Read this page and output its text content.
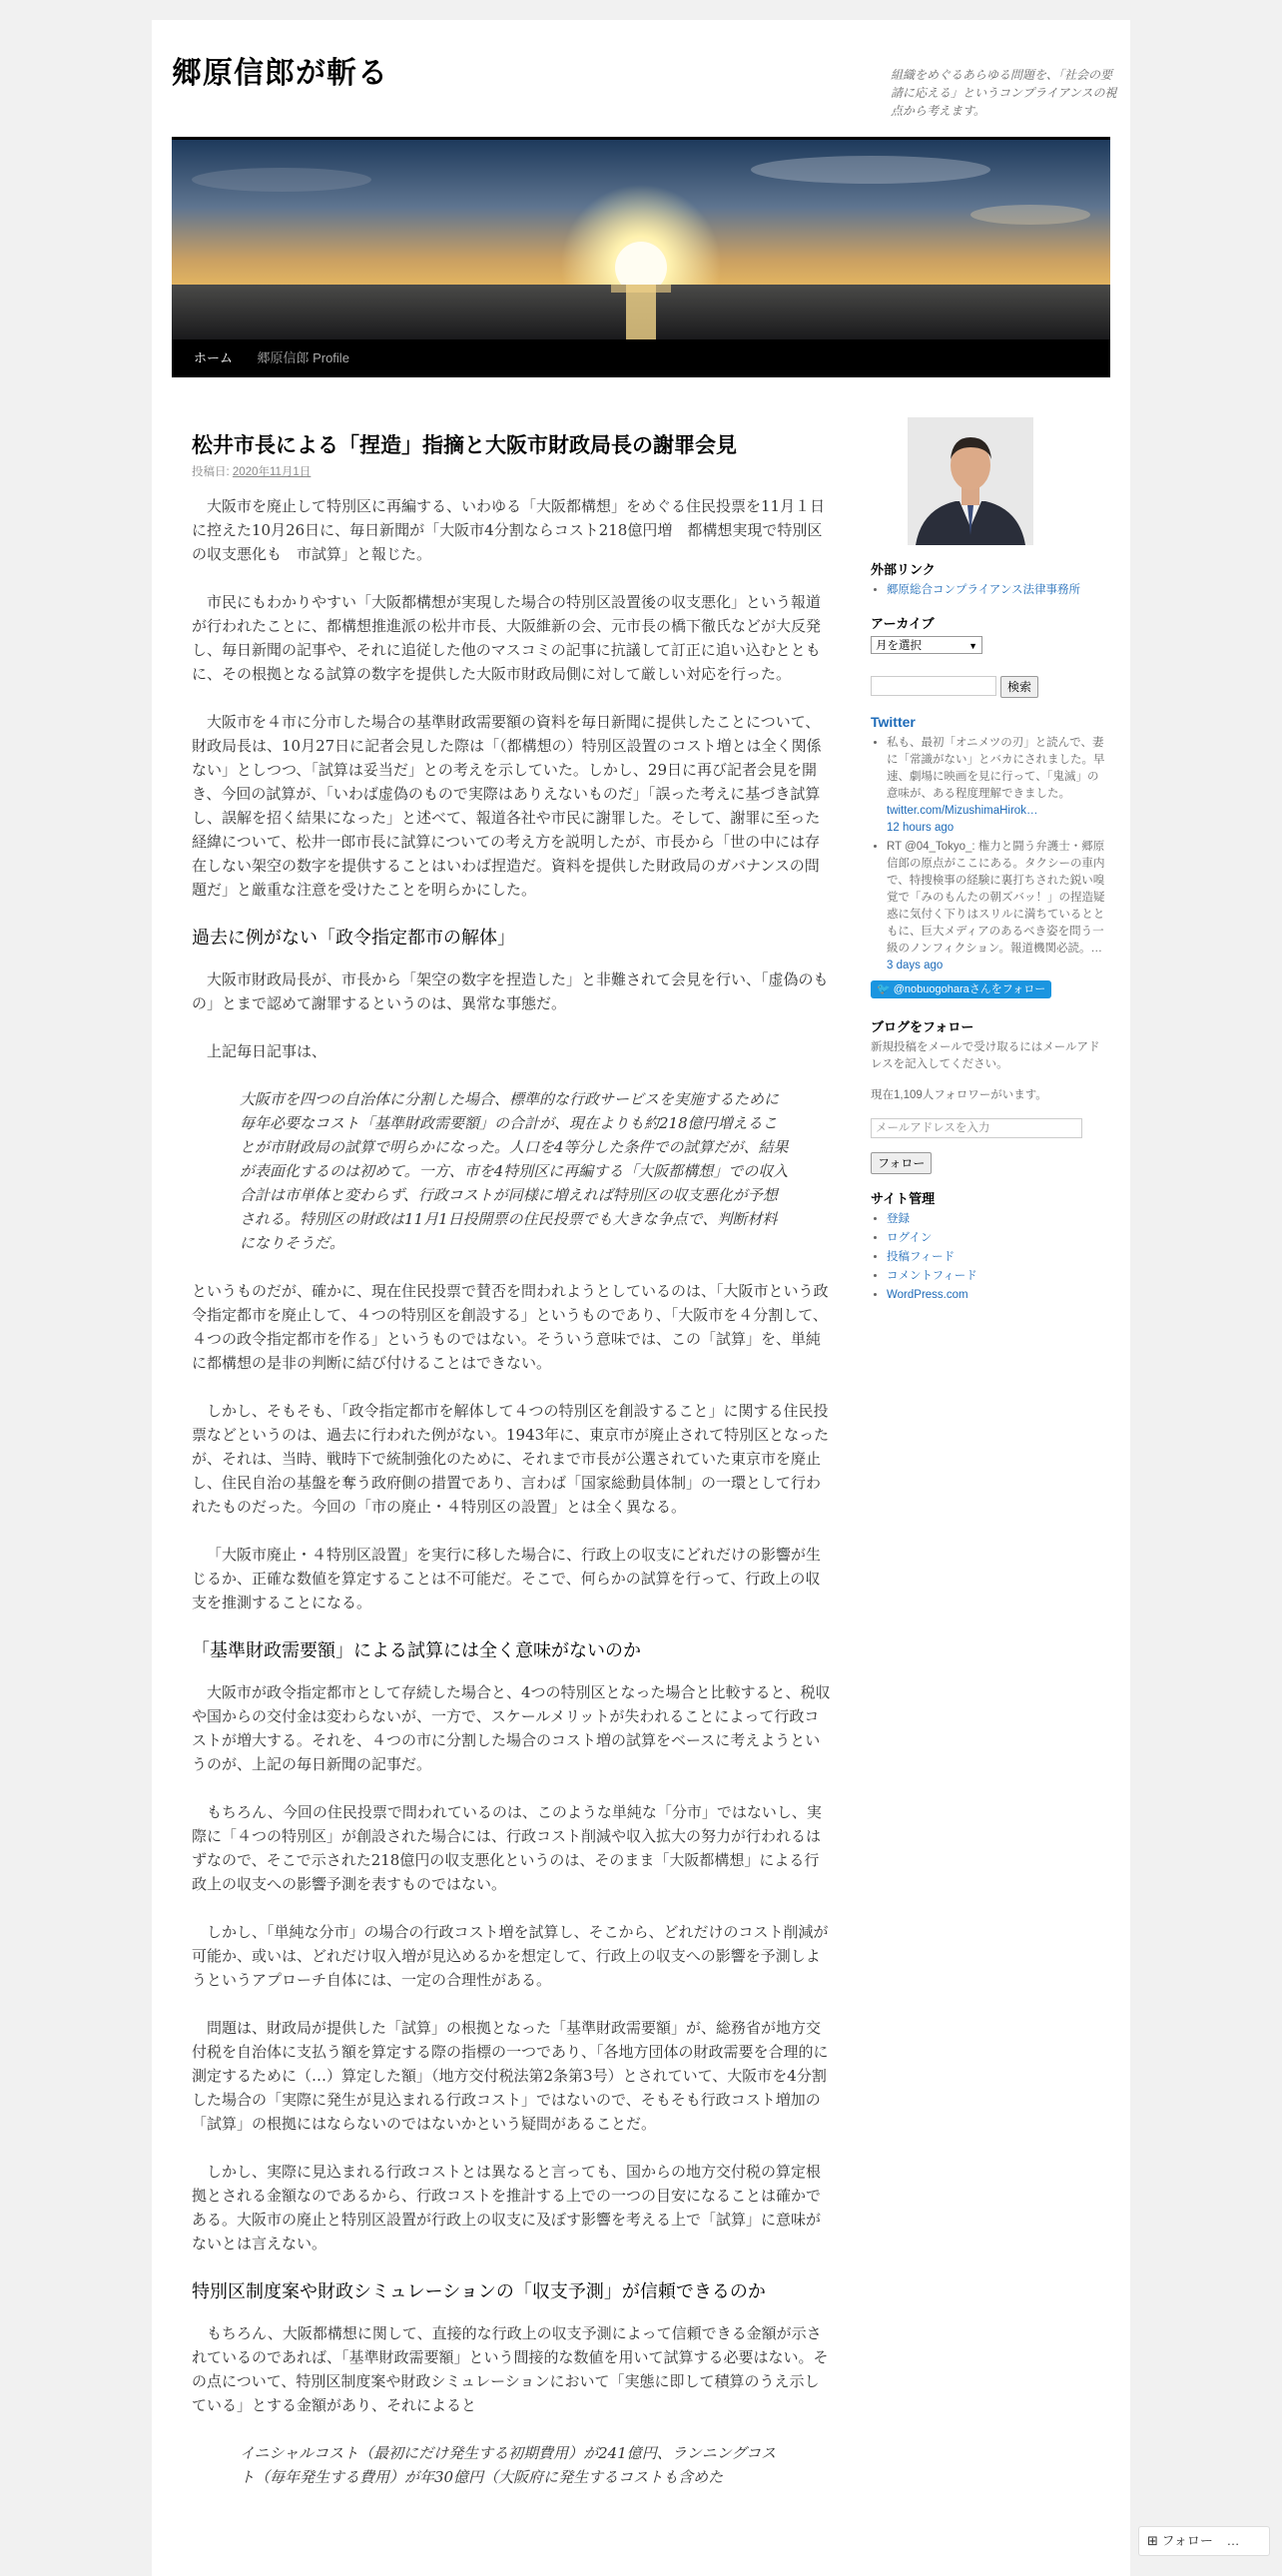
郷原信郎が斬る	組織をめぐるあらゆる問題を、「社会の要請に応える」というコンプライアンスの視点から考えます。

ホーム 郷原信郎 Profile
松井市長による「捏造」指摘と大阪市財政局長の謝罪会見
投稿日: 2020年11月1日

大阪市を廃止して特別区に再編する、いわゆる「大阪都構想」をめぐる住民投票を11月１日に控えた10月26日に、毎日新聞が「大阪市4分割ならコスト218億円増　都構想実現で特別区の収支悪化も　市試算」と報じた。

市民にもわかりやすい「大阪都構想が実現した場合の特別区設置後の収支悪化」という報道が行われたことに、都構想推進派の松井市長、大阪維新の会、元市長の橋下徹氏などが大反発し、毎日新聞の記事や、それに追従した他のマスコミの記事に抗議して訂正に追い込むとともに、その根拠となる試算の数字を提供した大阪市財政局側に対して厳しい対応を行った。

大阪市を４市に分市した場合の基準財政需要額の資料を毎日新聞に提供したことについて、財政局長は、10月27日に記者会見した際は「（都構想の）特別区設置のコスト増とは全く関係ない」としつつ、「試算は妥当だ」との考えを示していた。しかし、29日に再び記者会見を開き、今回の試算が、「いわば虚偽のもので実際はありえないものだ」「誤った考えに基づき試算し、誤解を招く結果になった」と述べて、報道各社や市民に謝罪した。そして、謝罪に至った経緯について、松井一郎市長に試算についての考え方を説明したが、市長から「世の中には存在しない架空の数字を提供することはいわば捏造だ。資料を提供した財政局のガバナンスの問題だ」と厳重な注意を受けたことを明らかにした。

過去に例がない「政令指定都市の解体」

大阪市財政局長が、市長から「架空の数字を捏造した」と非難されて会見を行い、「虚偽のもの」とまで認めて謝罪するというのは、異常な事態だ。

上記毎日記事は、

大阪市を四つの自治体に分割した場合、標準的な行政サービスを実施するために毎年必要なコスト「基準財政需要額」の合計が、現在よりも約218億円増えることが市財政局の試算で明らかになった。人口を4等分した条件での試算だが、結果が表面化するのは初めて。一方、市を4特別区に再編する「大阪都構想」での収入合計は市単体と変わらず、行政コストが同様に増えれば特別区の収支悪化が予想される。特別区の財政は11月1日投開票の住民投票でも大きな争点で、判断材料になりそうだ。

というものだが、確かに、現在住民投票で賛否を問われようとしているのは、「大阪市という政令指定都市を廃止して、４つの特別区を創設する」というものであり、「大阪市を４分割して、４つの政令指定都市を作る」というものではない。そういう意味では、この「試算」を、単純に都構想の是非の判断に結び付けることはできない。

しかし、そもそも、「政令指定都市を解体して４つの特別区を創設すること」に関する住民投票などというのは、過去に行われた例がない。1943年に、東京市が廃止されて特別区となったが、それは、当時、戦時下で統制強化のために、それまで市長が公選されていた東京市を廃止し、住民自治の基盤を奪う政府側の措置であり、言わば「国家総動員体制」の一環として行われたものだった。今回の「市の廃止・４特別区の設置」とは全く異なる。

「大阪市廃止・４特別区設置」を実行に移した場合に、行政上の収支にどれだけの影響が生じるか、正確な数値を算定することは不可能だ。そこで、何らかの試算を行って、行政上の収支を推測することになる。

「基準財政需要額」による試算には全く意味がないのか

大阪市が政令指定都市として存続した場合と、4つの特別区となった場合と比較すると、税収や国からの交付金は変わらないが、一方で、スケールメリットが失われることによって行政コストが増大する。それを、４つの市に分割した場合のコスト増の試算をベースに考えようというのが、上記の毎日新聞の記事だ。

もちろん、今回の住民投票で問われているのは、このような単純な「分市」ではないし、実際に「４つの特別区」が創設された場合には、行政コスト削減や収入拡大の努力が行われるはずなので、そこで示された218億円の収支悪化というのは、そのまま「大阪都構想」による行政上の収支への影響予測を表すものではない。

しかし、「単純な分市」の場合の行政コスト増を試算し、そこから、どれだけのコスト削減が可能か、或いは、どれだけ収入増が見込めるかを想定して、行政上の収支への影響を予測しようというアプローチ自体には、一定の合理性がある。

問題は、財政局が提供した「試算」の根拠となった「基準財政需要額」が、総務省が地方交付税を自治体に支払う額を算定する際の指標の一つであり、「各地方団体の財政需要を合理的に測定するために（…）算定した額」（地方交付税法第2条第3号）とされていて、大阪市を4分割した場合の「実際に発生が見込まれる行政コスト」ではないので、そもそも行政コスト増加の「試算」の根拠にはならないのではないかという疑問があることだ。

しかし、実際に見込まれる行政コストとは異なると言っても、国からの地方交付税の算定根拠とされる金額なのであるから、行政コストを推計する上での一つの目安になることは確かである。大阪市の廃止と特別区設置が行政上の収支に及ぼす影響を考える上で「試算」に意味がないとは言えない。

特別区制度案や財政シミュレーションの「収支予測」が信頼できるのか

もちろん、大阪都構想に関して、直接的な行政上の収支予測によって信頼できる金額が示されているのであれば、「基準財政需要額」という間接的な数値を用いて試算する必要はない。その点について、特別区制度案や財政シミュレーションにおいて「実態に即して積算のうえ示している」とする金額があり、それによると

イニシャルコスト（最初にだけ発生する初期費用）が241億円、ランニングコスト（毎年発生する費用）が年30億円（大阪府に発生するコストも含めた
外部リンク
• 郷原総合コンプライアンス法律事務所
アーカイブ
月を選択	▼
検索
Twitter
• 私も、最初「オニメツの刃」と読んで、妻に「常識がない」とバカにされました。早速、劇場に映画を見に行って、「鬼滅」の意味が、ある程度理解できました。 twitter.com/MizushimaHirok…
12 hours ago
• RT @04_Tokyo_: 権力と闘う弁護士・郷原信郎の原点がここにある。タクシーの車内で、特捜検事の経験に裏打ちされた鋭い嗅覚で「みのもんたの朝ズバッ！」の捏造疑惑に気付く下りはスリルに満ちているとともに、巨大メディアのあるべき姿を問う一級のノンフィクション。報道機関必読。…
3 days ago
🐦 @nobuogoharaさんをフォロー
ブログをフォロー
新規投稿をメールで受け取るにはメールアドレスを記入してください。
現在1,109人フォロワーがいます。
メールアドレスを入力
フォロー
サイト管理
• 登録
• ログイン
• 投稿フィード
• コメントフィード
• WordPress.com
⊞ フォロー …
